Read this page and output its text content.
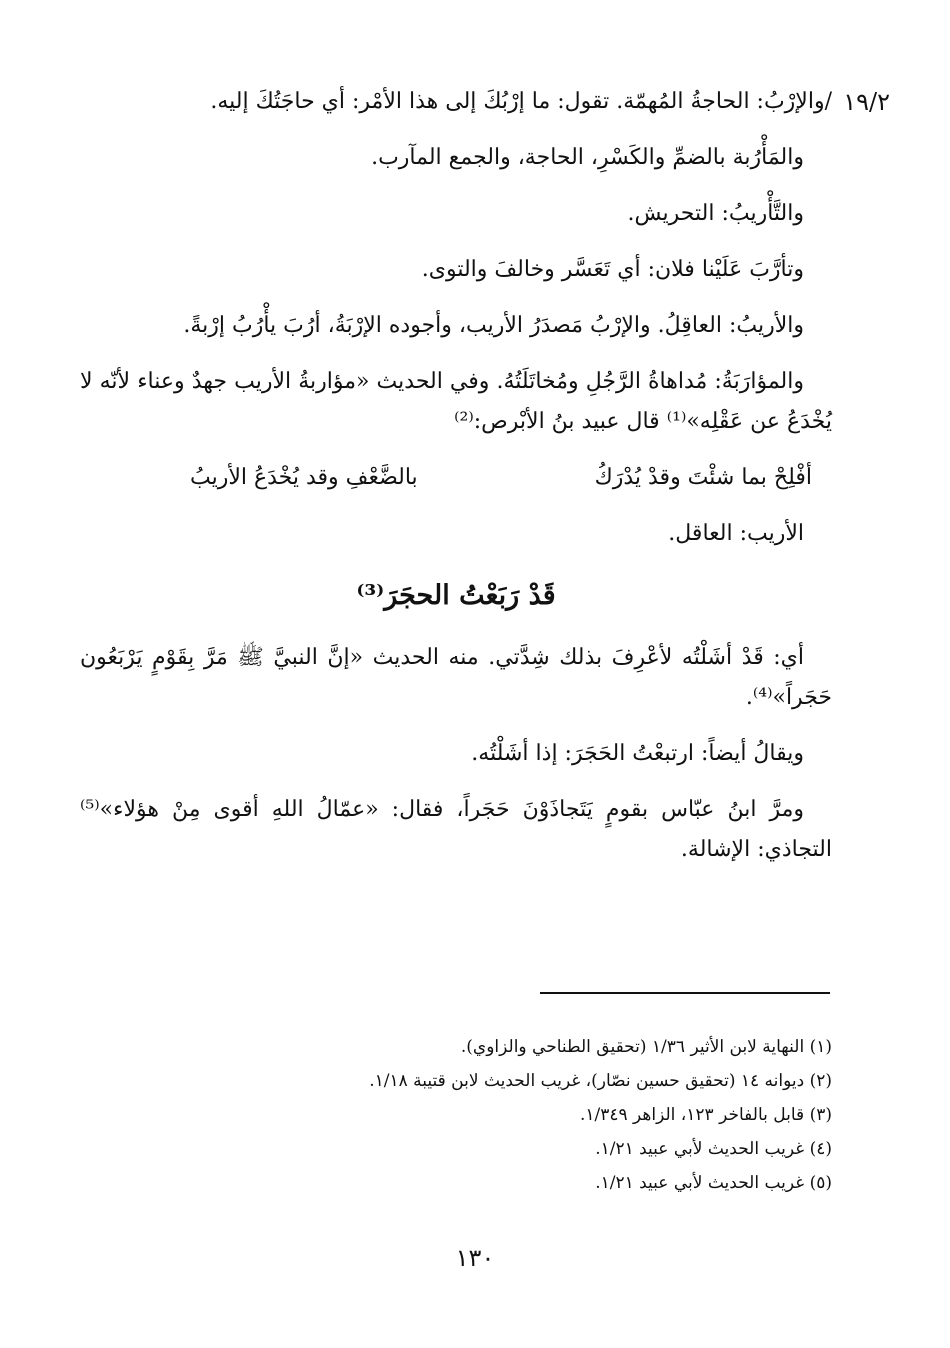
١٩/٢

/والإرْبُ: الحاجةُ المُهمّة. تقول: ما إرْبُكَ إلى هذا الأمْر: أي حاجَتُكَ إليه.

والمَأْرُبة بالضمِّ والكَسْرِ، الحاجة، والجمع المآرب.

والتَّأْريبُ: التحريش.

وتأرَّبَ عَلَيْنا فلان: أي تَعَسَّر وخالفَ والتوى.

والأريبُ: العاقِلُ. والإرْبُ مَصدَرُ الأريب، وأجوده الإرْبَةُ، أرُبَ يأْرُبُ إرْبةً.

والمؤارَبَةُ: مُداهاةُ الرَّجُلِ ومُخاتَلَتُهُ. وفي الحديث «مؤاربةُ الأريب جهدٌ وعناء لأنّه لا يُخْدَعُ عن عَقْلِه»⁽¹⁾ قال عبيد بنُ الأبْرص:⁽²⁾

أفْلِحْ بما شئْتَ وقدْ يُدْرَكُ
بالضَّعْفِ وقد يُخْدَعُ الأريبُ

الأريب: العاقل.

قَدْ رَبَعْتُ الحجَرَ⁽³⁾

أي: قَدْ أشَلْتُه لأعْرِفَ بذلك شِدَّتي. منه الحديث «إنَّ النبيَّ ﷺ مَرَّ بِقَوْمٍ يَرْبَعُون حَجَراً»⁽⁴⁾.

ويقالُ أيضاً: ارتبعْتُ الحَجَرَ: إذا أشَلْتُه.

ومرَّ ابنُ عبّاس بقومٍ يَتَجاذَوْنَ حَجَراً، فقال: «عمّالُ اللهِ أقوى مِنْ هؤلاء»⁽⁵⁾ التجاذي: الإشالة.

(١) النهاية لابن الأثير ١/٣٦ (تحقيق الطناحي والزاوي).

(٢) ديوانه ١٤ (تحقيق حسين نصّار)، غريب الحديث لابن قتيبة ١/١٨.

(٣) قابل بالفاخر ١٢٣، الزاهر ١/٣٤٩.

(٤) غريب الحديث لأبي عبيد ١/٢١.

(٥) غريب الحديث لأبي عبيد ١/٢١.

١٣٠
